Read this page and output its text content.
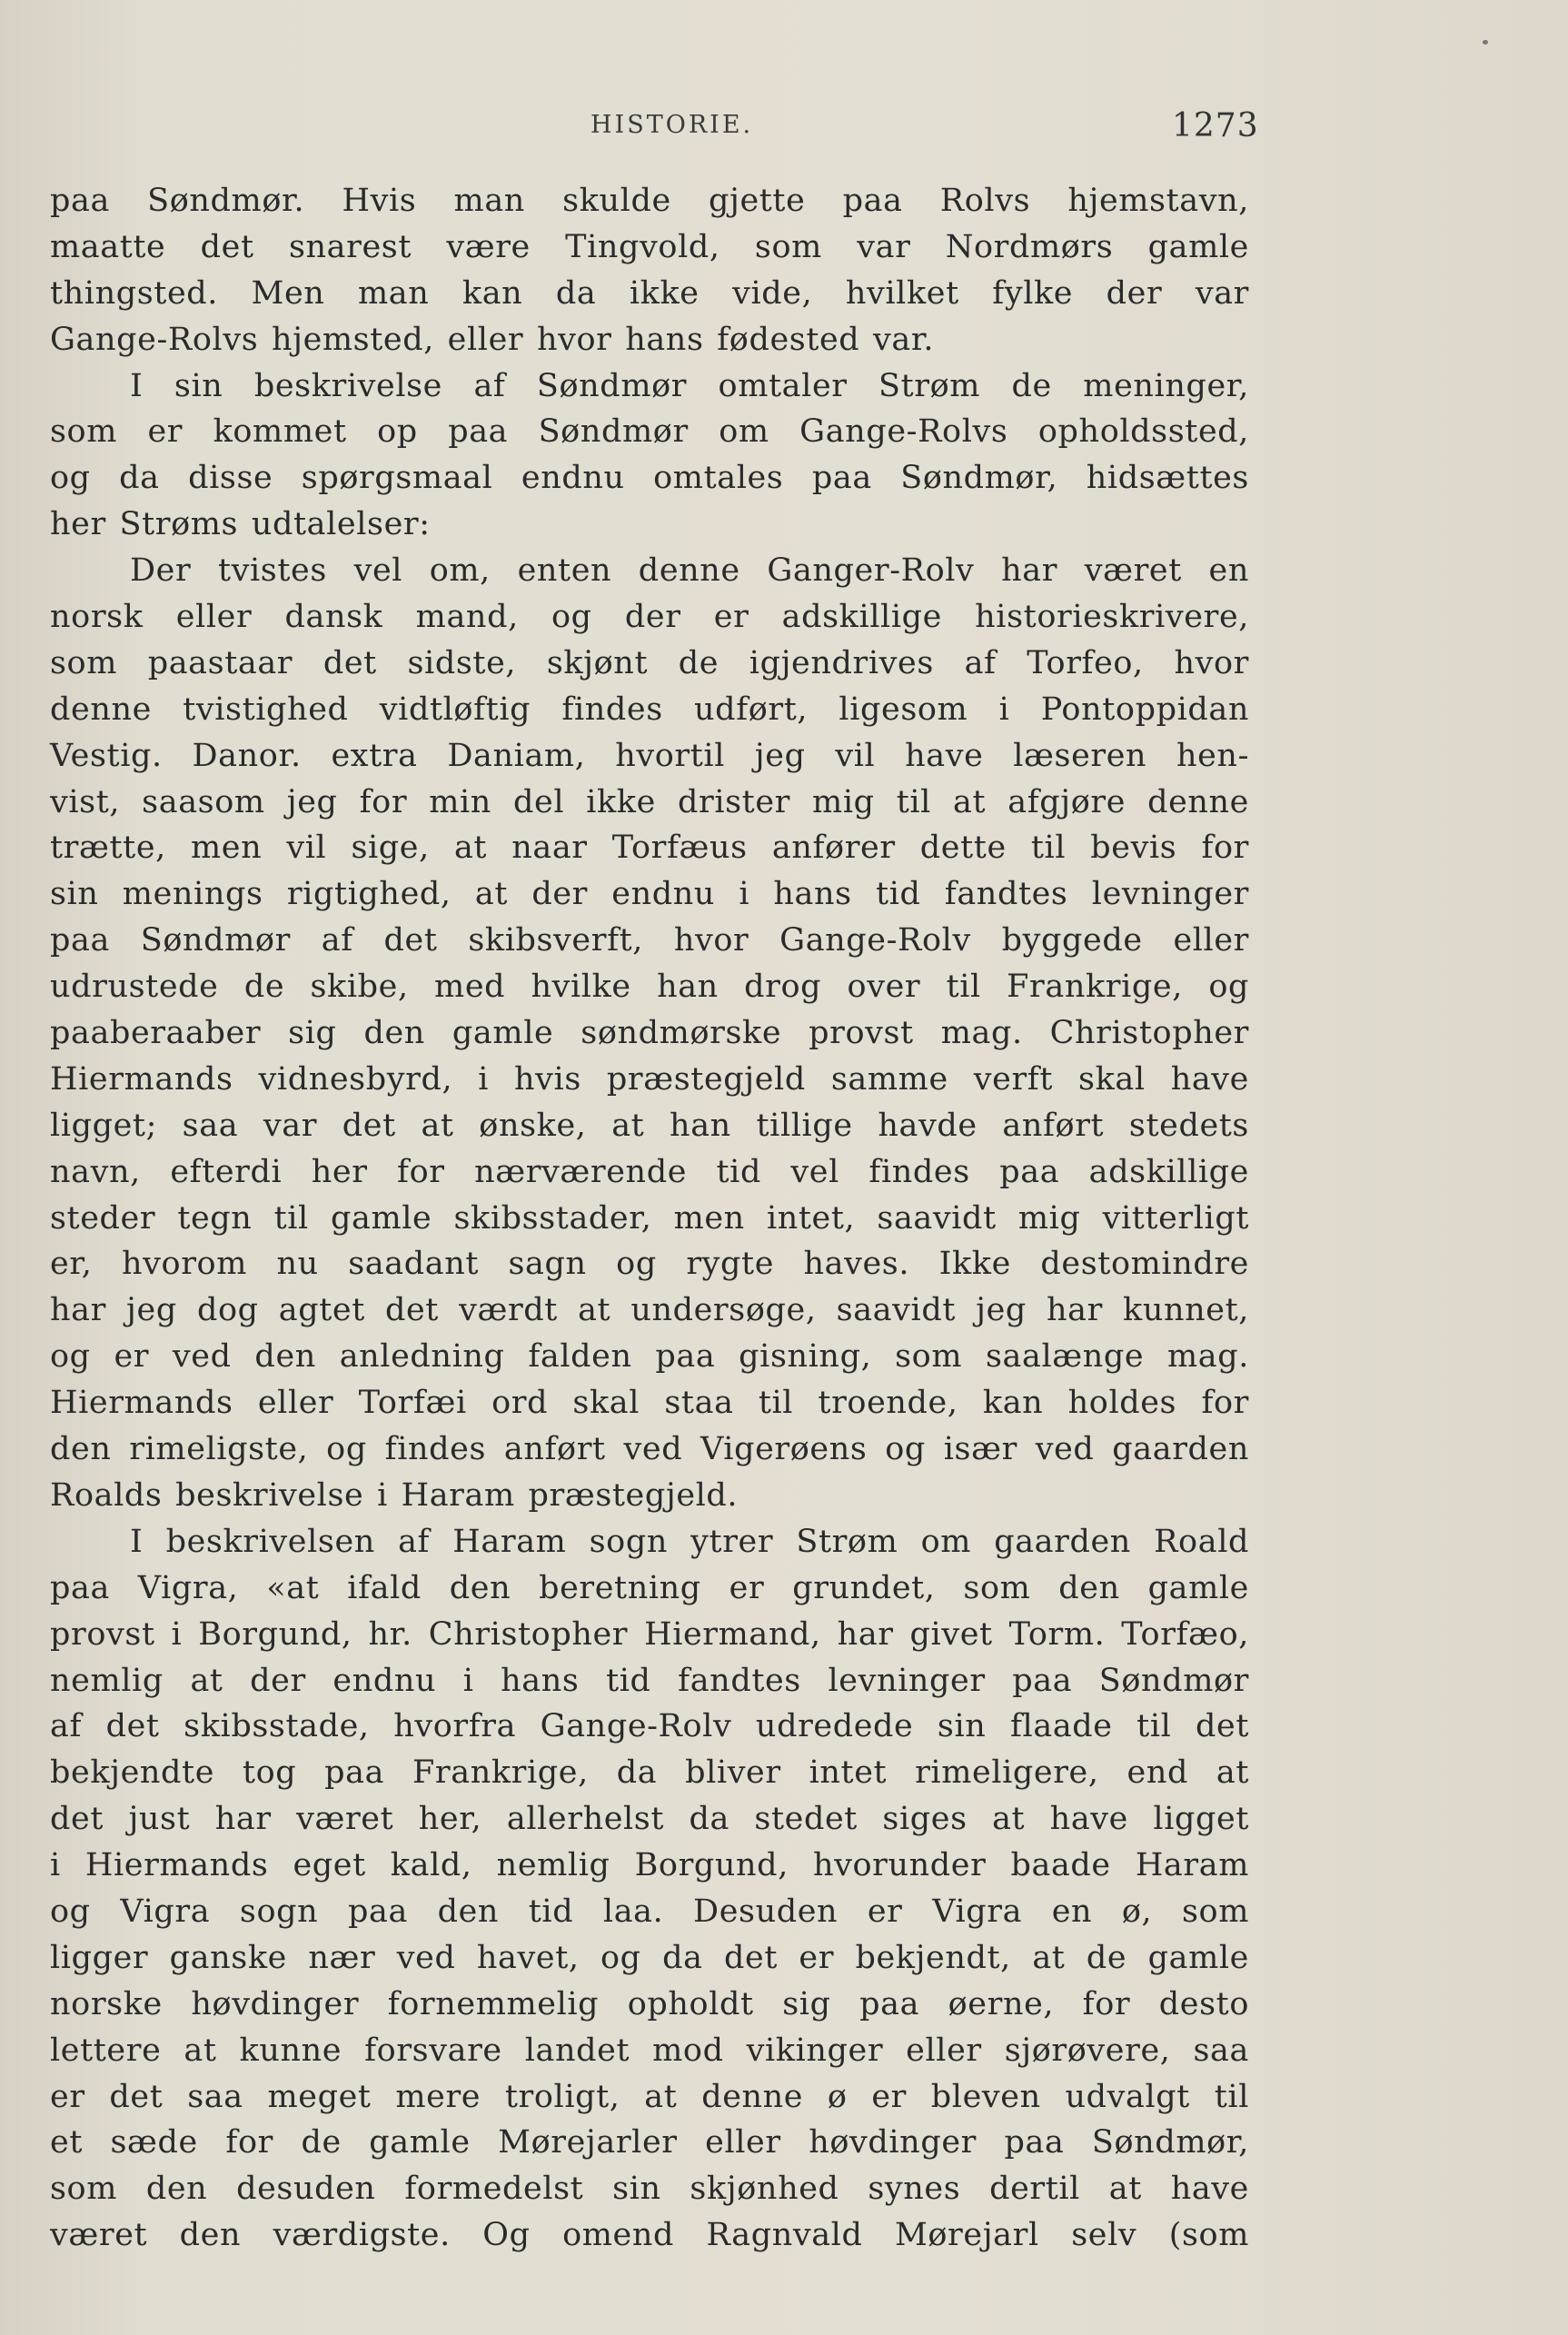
HISTORIE.	1273
paa Søndmør. Hvis man skulde gjette paa Rolvs hjemstavn,
maatte det snarest være Tingvold, som var Nordmørs gamle
thingsted. Men man kan da ikke vide, hvilket fylke der var
Gange-Rolvs hjemsted, eller hvor hans fødested var.
I sin beskrivelse af Søndmør omtaler Strøm de meninger,
som er kommet op paa Søndmør om Gange-Rolvs opholdssted,
og da disse spørgsmaal endnu omtales paa Søndmør, hidsættes
her Strøms udtalelser:
Der tvistes vel om, enten denne Ganger-Rolv har været en
norsk eller dansk mand, og der er adskillige historieskrivere,
som paastaar det sidste, skjønt de igjendrives af Torfeo, hvor
denne tvistighed vidtløftig findes udført, ligesom i Pontoppidan
Vestig. Danor. extra Daniam, hvortil jeg vil have læseren hen-
vist, saasom jeg for min del ikke drister mig til at afgjøre denne
trætte, men vil sige, at naar Torfæus anfører dette til bevis for
sin menings rigtighed, at der endnu i hans tid fandtes levninger
paa Søndmør af det skibsverft, hvor Gange-Rolv byggede eller
udrustede de skibe, med hvilke han drog over til Frankrige, og
paaberaaber sig den gamle søndmørske provst mag. Christopher
Hiermands vidnesbyrd, i hvis præstegjeld samme verft skal have
ligget; saa var det at ønske, at han tillige havde anført stedets
navn, efterdi her for nærværende tid vel findes paa adskillige
steder tegn til gamle skibsstader, men intet, saavidt mig vitterligt
er, hvorom nu saadant sagn og rygte haves. Ikke destomindre
har jeg dog agtet det værdt at undersøge, saavidt jeg har kunnet,
og er ved den anledning falden paa gisning, som saalænge mag.
Hiermands eller Torfæi ord skal staa til troende, kan holdes for
den rimeligste, og findes anført ved Vigerøens og især ved gaarden
Roalds beskrivelse i Haram præstegjeld.
I beskrivelsen af Haram sogn ytrer Strøm om gaarden Roald
paa Vigra, «at ifald den beretning er grundet, som den gamle
provst i Borgund, hr. Christopher Hiermand, har givet Torm. Torfæo,
nemlig at der endnu i hans tid fandtes levninger paa Søndmør
af det skibsstade, hvorfra Gange-Rolv udredede sin flaade til det
bekjendte tog paa Frankrige, da bliver intet rimeligere, end at
det just har været her, allerhelst da stedet siges at have ligget
i Hiermands eget kald, nemlig Borgund, hvorunder baade Haram
og Vigra sogn paa den tid laa. Desuden er Vigra en ø, som
ligger ganske nær ved havet, og da det er bekjendt, at de gamle
norske høvdinger fornemmelig opholdt sig paa øerne, for desto
lettere at kunne forsvare landet mod vikinger eller sjørøvere, saa
er det saa meget mere troligt, at denne ø er bleven udvalgt til
et sæde for de gamle Mørejarler eller høvdinger paa Søndmør,
som den desuden formedelst sin skjønhed synes dertil at have
været den værdigste. Og omend Ragnvald Mørejarl selv (som
